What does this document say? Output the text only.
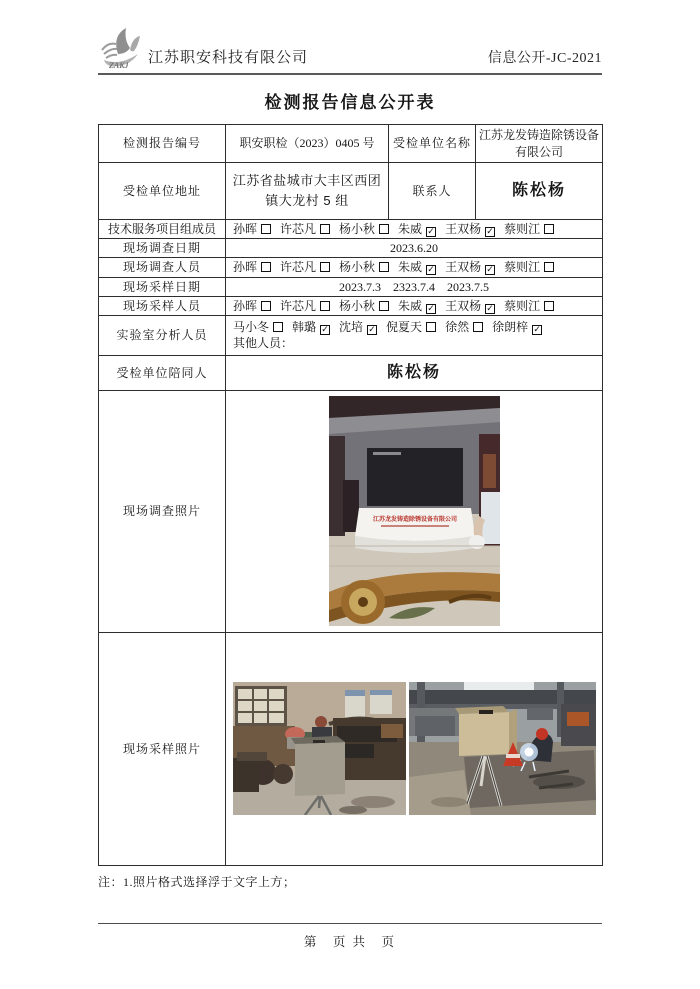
ZAKJ 江苏职安科技有限公司	信息公开-JC-2021
检测报告信息公开表
检测报告编号	职安职检（2023）0405 号	受检单位名称	江苏龙发铸造除锈设备有限公司
受检单位地址	江苏省盐城市大丰区西团镇大龙村 5 组	联系人	陈松杨
技术服务项目组成员	孙晖 许芯凡 杨小秋 朱威 ✓ 王双杨 ✓ 蔡则江		
现场调查日期	2023.6.20		
现场调查人员	孙晖 许芯凡 杨小秋 朱威 ✓ 王双杨 ✓ 蔡则江		
现场采样日期	2023.7.3　2323.7.4　2023.7.5		
现场采样人员	孙晖 许芯凡 杨小秋 朱威 ✓ 王双杨 ✓ 蔡则江		
实验室分析人员	马小冬 韩璐 ✓ 沈培 ✓ 倪夏天 徐然 徐朗梓 ✓
其他人员：		

受检单位陪同人	陈松杨		
现场调查照片	江苏龙发铸造除锈设备有限公司		

现场采样照片	
注：1.照片格式选择浮于文字上方；
第　页 共　页
